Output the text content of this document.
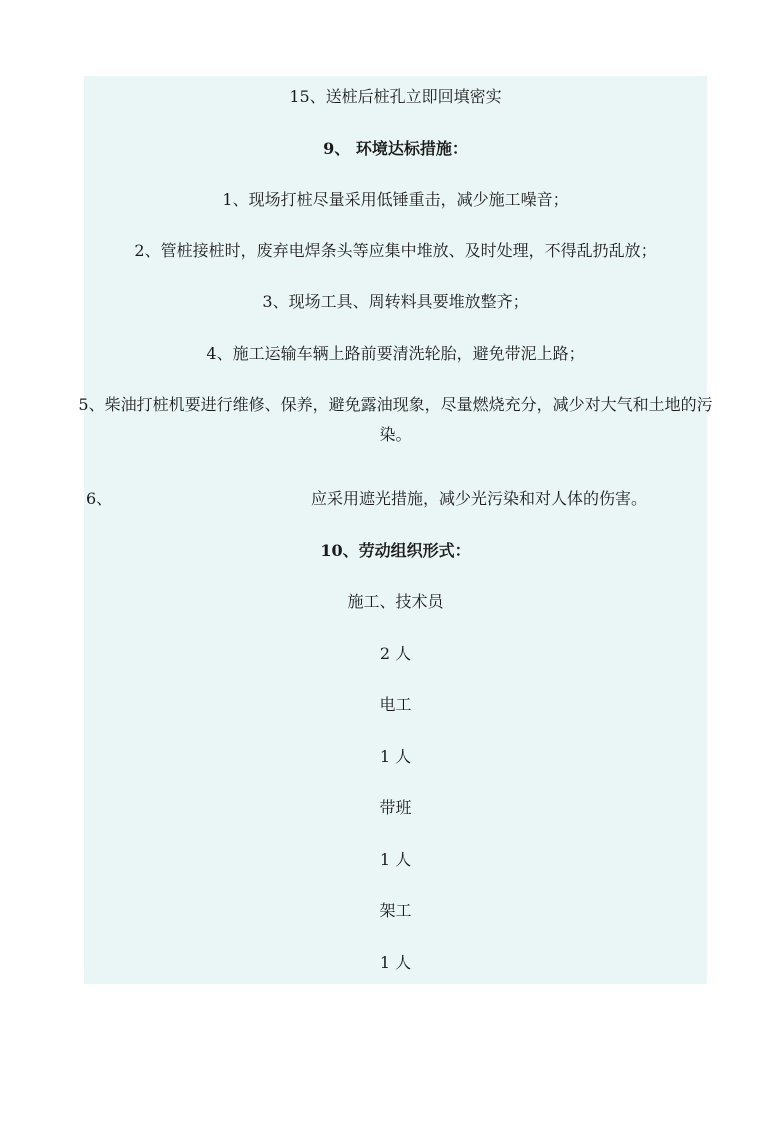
15、送桩后桩孔立即回填密实
9、 环境达标措施：
1、现场打桩尽量采用低锤重击，减少施工噪音；
2、管桩接桩时，废弃电焊条头等应集中堆放、及时处理，不得乱扔乱放；
3、现场工具、周转料具要堆放整齐；
4、施工运输车辆上路前要清洗轮胎，避免带泥上路；
5、柴油打桩机要进行维修、保养，避免露油现象，尽量燃烧充分，减少对大气和土地的污染。
6、	应采用遮光措施，减少光污染和对人体的伤害。
10、劳动组织形式：
施工、技术员
2 人
电工
1 人
带班
1 人
架工
1 人
